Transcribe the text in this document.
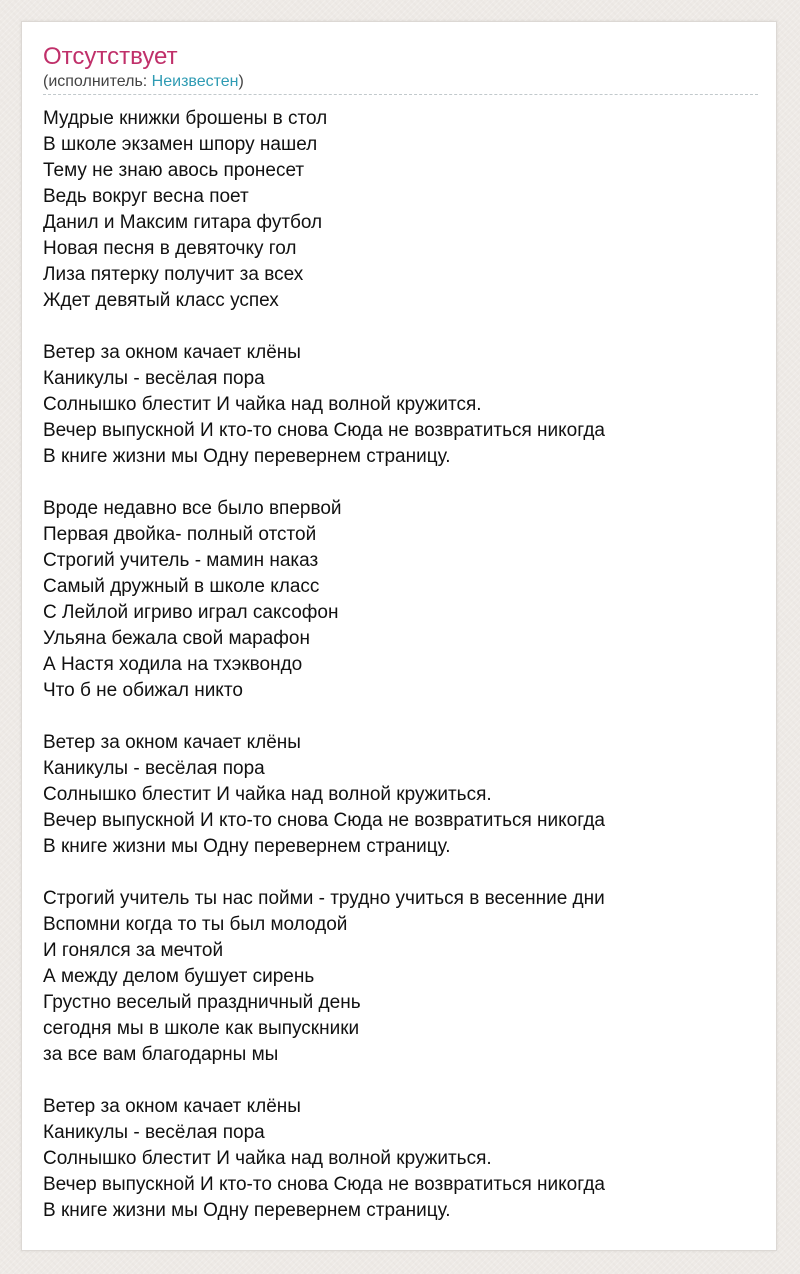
Отсутствует
(исполнитель: Неизвестен)
Мудрые книжки брошены в стол
В школе экзамен шпору нашел
Тему не знаю авось пронесет
Ведь вокруг весна поет
Данил и Максим гитара футбол
Новая песня в девяточку гол
Лиза пятерку получит за всех
Ждет девятый класс успех
Ветер за окном качает клёны
Каникулы - весёлая пора
Солнышко блестит И чайка над волной кружится.
Вечер выпускной И кто-то снова Сюда не возвратиться никогда
В книге жизни мы Одну перевернем страницу.
Вроде недавно все было впервой
Первая двойка- полный отстой
Строгий учитель - мамин наказ
Самый дружный в школе класс
С Лейлой игриво играл саксофон
Ульяна бежала свой марафон
А Настя ходила на тхэквондо
Что б не обижал никто
Ветер за окном качает клёны
Каникулы - весёлая пора
Солнышко блестит И чайка над волной кружиться.
Вечер выпускной И кто-то снова Сюда не возвратиться никогда
В книге жизни мы Одну перевернем страницу.
Строгий учитель ты нас пойми - трудно учиться в весенние дни
Вспомни когда то ты был молодой
И гонялся за мечтой
А между делом бушует сирень
Грустно веселый праздничный день
сегодня мы в школе как выпускники
за все вам благодарны мы
Ветер за окном качает клёны
Каникулы - весёлая пора
Солнышко блестит И чайка над волной кружиться.
Вечер выпускной И кто-то снова Сюда не возвратиться никогда
В книге жизни мы Одну перевернем страницу.
